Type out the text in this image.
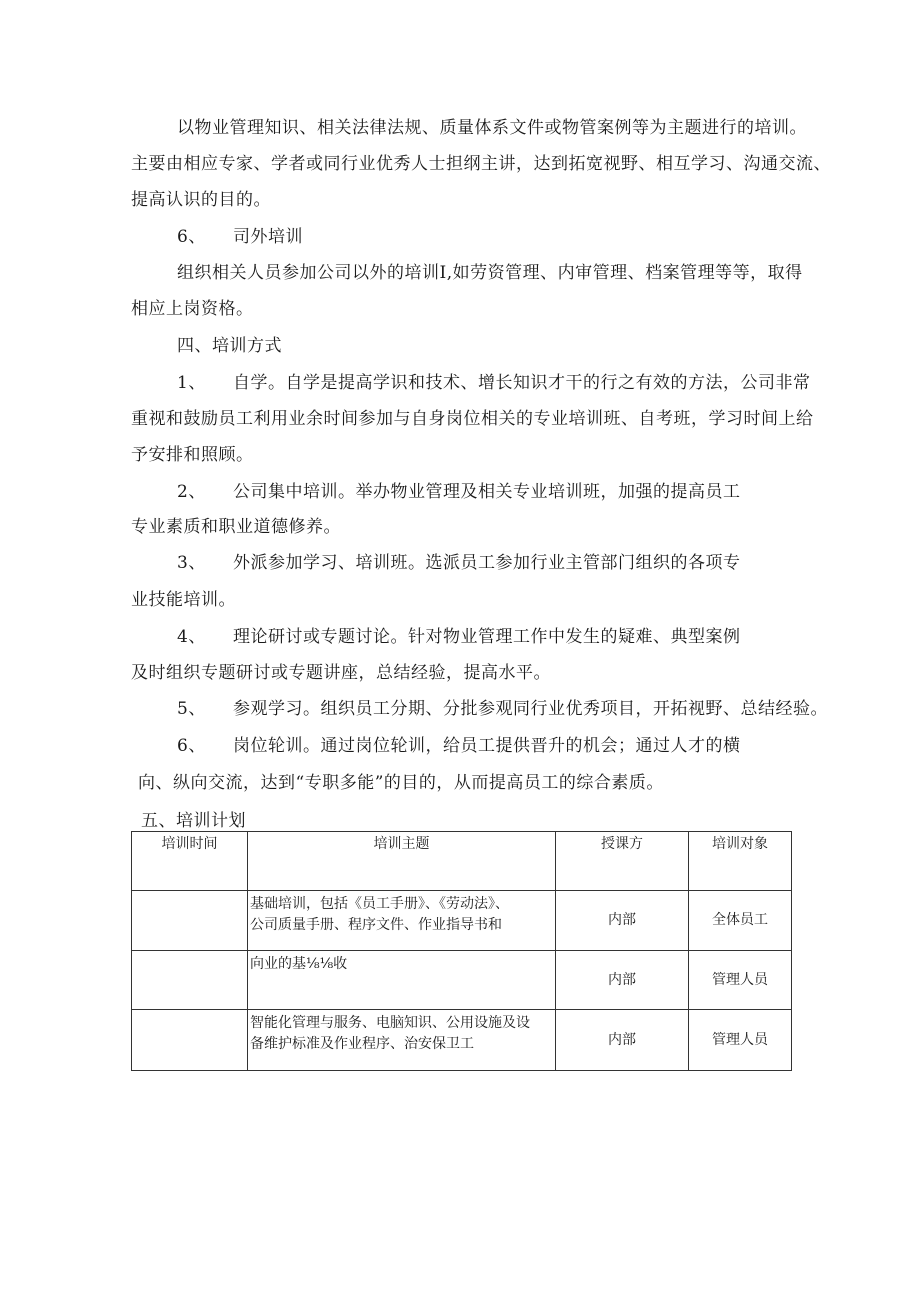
以物业管理知识、相关法律法规、质量体系文件或物管案例等为主题进行的培训。
主要由相应专家、学者或同行业优秀人士担纲主讲，达到拓宽视野、相互学习、沟通交流、
提高认识的目的。
6、 司外培训
组织相关人员参加公司以外的培训I,如劳资管理、内审管理、档案管理等等，取得
相应上岗资格。
四、培训方式
1、 自学。自学是提高学识和技术、增长知识才干的行之有效的方法，公司非常
重视和鼓励员工利用业余时间参加与自身岗位相关的专业培训班、自考班，学习时间上给
予安排和照顾。
2、 公司集中培训。举办物业管理及相关专业培训班，加强的提高员工
专业素质和职业道德修养。
3、 外派参加学习、培训班。选派员工参加行业主管部门组织的各项专
业技能培训。
4、 理论研讨或专题讨论。针对物业管理工作中发生的疑难、典型案例
及时组织专题研讨或专题讲座，总结经验，提高水平。
5、 参观学习。组织员工分期、分批参观同行业优秀项目，开拓视野、总结经验。
6、 岗位轮训。通过岗位轮训，给员工提供晋升的机会；通过人才的横
向、纵向交流，达到“专职多能”的目的，从而提高员工的综合素质。
五、培训计划
培训时间	培训主题	授课方	培训对象

	基础培训，包括《员工手册》、《劳动法》、
公司质量手册、程序文件、作业指导书和	内部	全体员工

	向业的基⅛⅛收	内部	管理人员

	智能化管理与服务、电脑知识、公用设施及设
备维护标准及作业程序、治安保卫工	内部	管理人员
